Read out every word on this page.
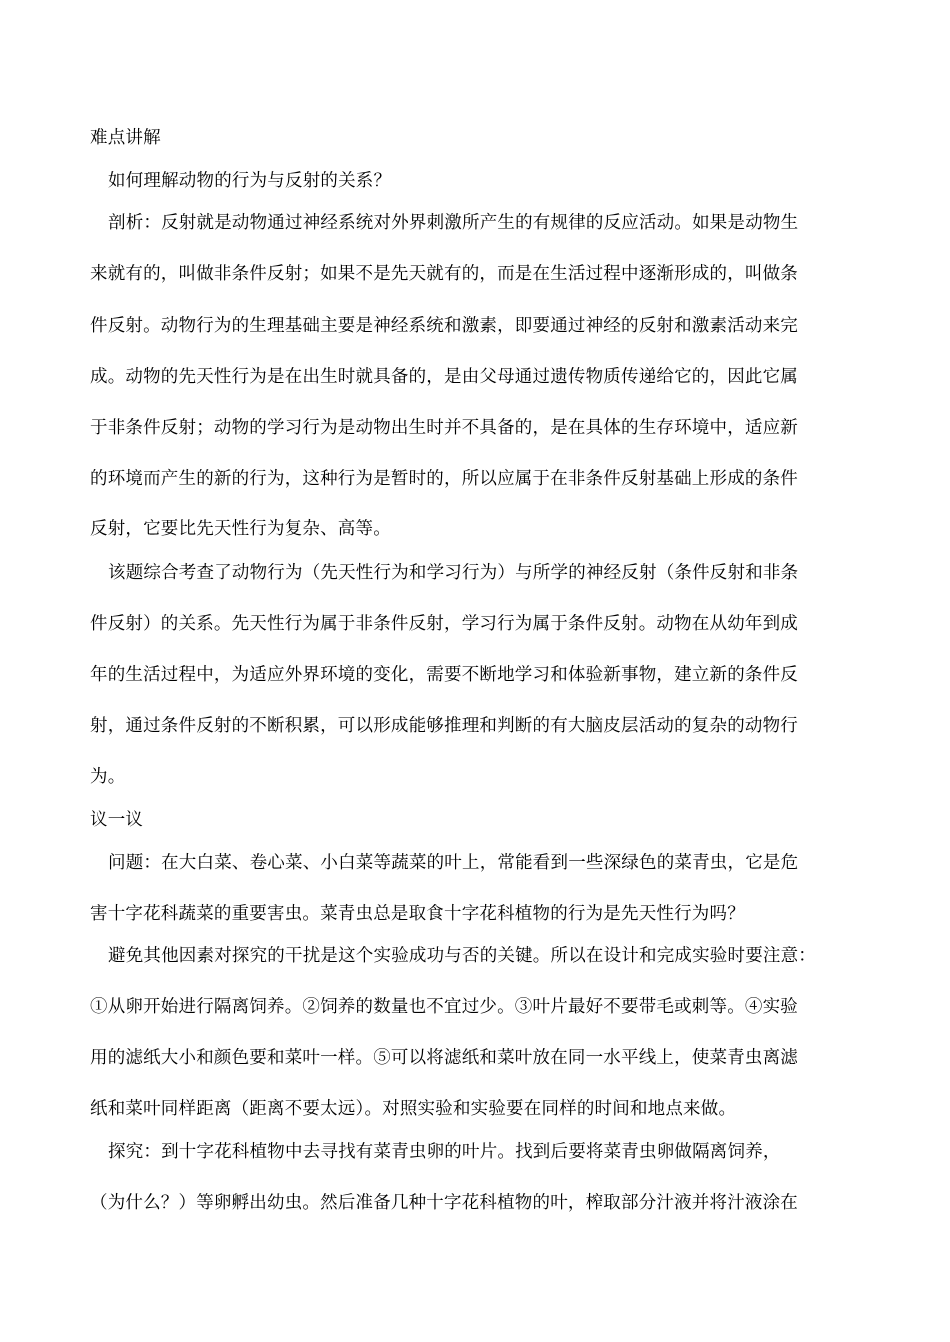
难点讲解

如何理解动物的行为与反射的关系？

剖析：反射就是动物通过神经系统对外界刺激所产生的有规律的反应活动。如果是动物生

来就有的，叫做非条件反射；如果不是先天就有的，而是在生活过程中逐渐形成的，叫做条

件反射。动物行为的生理基础主要是神经系统和激素，即要通过神经的反射和激素活动来完

成。动物的先天性行为是在出生时就具备的，是由父母通过遗传物质传递给它的，因此它属

于非条件反射；动物的学习行为是动物出生时并不具备的，是在具体的生存环境中，适应新

的环境而产生的新的行为，这种行为是暂时的，所以应属于在非条件反射基础上形成的条件

反射，它要比先天性行为复杂、高等。

该题综合考查了动物行为（先天性行为和学习行为）与所学的神经反射（条件反射和非条

件反射）的关系。先天性行为属于非条件反射，学习行为属于条件反射。动物在从幼年到成

年的生活过程中，为适应外界环境的变化，需要不断地学习和体验新事物，建立新的条件反

射，通过条件反射的不断积累，可以形成能够推理和判断的有大脑皮层活动的复杂的动物行

为。

议一议

问题：在大白菜、卷心菜、小白菜等蔬菜的叶上，常能看到一些深绿色的菜青虫，它是危

害十字花科蔬菜的重要害虫。菜青虫总是取食十字花科植物的行为是先天性行为吗？

避免其他因素对探究的干扰是这个实验成功与否的关键。所以在设计和完成实验时要注意：

①从卵开始进行隔离饲养。②饲养的数量也不宜过少。③叶片最好不要带毛或刺等。④实验

用的滤纸大小和颜色要和菜叶一样。⑤可以将滤纸和菜叶放在同一水平线上，使菜青虫离滤

纸和菜叶同样距离（距离不要太远）。对照实验和实验要在同样的时间和地点来做。

探究：到十字花科植物中去寻找有菜青虫卵的叶片。找到后要将菜青虫卵做隔离饲养，

（为什么？）等卵孵出幼虫。然后准备几种十字花科植物的叶，榨取部分汁液并将汁液涂在
